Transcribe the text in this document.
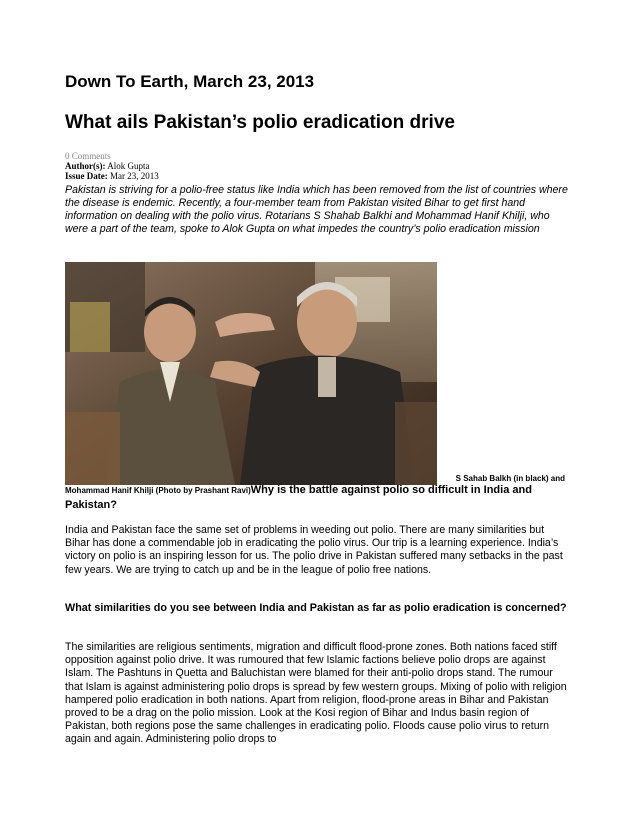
Down To Earth, March 23, 2013
What ails Pakistan’s polio eradication drive
0 Comments
Author(s): Alok Gupta
Issue Date: Mar 23, 2013

Pakistan is striving for a polio-free status like India which has been removed from the list of countries where the disease is endemic. Recently, a four-member team from Pakistan visited Bihar to get first hand information on dealing with the polio virus. Rotarians S Shahab Balkhi and Mohammad Hanif Khilji, who were a part of the team, spoke to Alok Gupta on what impedes the country’s polio eradication mission

S Sahab Balkh (in black) and
Mohammad Hanif Khilji (Photo by Prashant Ravi)Why is the battle against polio so difficult in India and Pakistan?

India and Pakistan face the same set of problems in weeding out polio. There are many similarities but Bihar has done a commendable job in eradicating the polio virus. Our trip is a learning experience. India’s victory on polio is an inspiring lesson for us. The polio drive in Pakistan suffered many setbacks in the past few years. We are trying to catch up and be in the league of polio free nations.

What similarities do you see between India and Pakistan as far as polio eradication is concerned?

The similarities are religious sentiments, migration and difficult flood-prone zones. Both nations faced stiff opposition against polio drive. It was rumoured that few Islamic factions believe polio drops are against Islam. The Pashtuns in Quetta and Baluchistan were blamed for their anti-polio drops stand. The rumour that Islam is against administering polio drops is spread by few western groups. Mixing of polio with religion hampered polio eradication in both nations. Apart from religion, flood-prone areas in Bihar and Pakistan proved to be a drag on the polio mission. Look at the Kosi region of Bihar and Indus basin region of Pakistan, both regions pose the same challenges in eradicating polio. Floods cause polio virus to return again and again. Administering polio drops to
